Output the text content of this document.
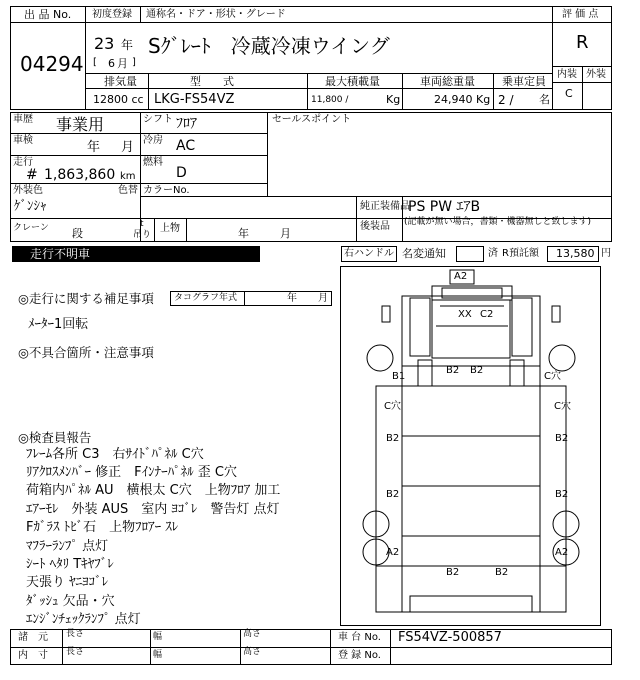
出 品 No.
04294
初度登録 通称名・ドア・形状・グレード
23 年
[ 6 月 ]
Sｸﾞﾚｰﾄ　冷蔵冷凍ウイング
評 価 点
R
内装 外装
C
排気量	型　　式	最大積載量	車両総重量 乗車定員
12800 cc LKG-FS54VZ	11,800 /	Kg	24,940 Kg 2 / 名
車歴 事業用	シフト ﾌﾛｱ
車検	年 月 冷房 AC
走行
# 1,863,860 km
燃料
D
外装色
ｹﾞﾝｼｬ
色替 カラーNo.
セールスポイント
純正装備品
PS PW ｴｱB
後装品 (記載が無い場合，書類・機器無しと致します)
クレーン 段
t
吊り
上物	年	月
走行不明車	右ハンドル 名変通知	済 R預託額 13,580 円
◎走行に関する補足事項 タコグラフ年式	年 月
ﾒｰﾀｰ1回転
◎不具合箇所・注意事項
◎検査員報告
ﾌﾚｰﾑ各所 C3　右ｻｲﾄﾞﾊﾟﾈﾙ C穴
ﾘｱｸﾛｽﾒﾝﾊﾞｰ 修正　Fｲﾝﾅｰﾊﾟﾈﾙ 歪 C穴
荷箱内ﾊﾟﾈﾙ AU　横根太 C穴　上物ﾌﾛｱ 加工
ｴｱｰﾓﾚ　外装 AUS　室内 ﾖｺﾞﾚ　警告灯 点灯
Fｶﾞﾗｽ ﾄﾋﾞ石　上物ﾌﾛｱｰ ｽﾚ
ﾏﾌﾗｰﾗﾝﾌﾟ 点灯
ｼｰﾄ ﾍﾀﾘ Tｷﾔﾌﾞﾚ
天張り ﾔﾆﾖｺﾞﾚ
ﾀﾞｯｼｭ 欠品・穴
ｴﾝｼﾞﾝﾁｪｯｸﾗﾝﾌﾟ 点灯
A2
XX C2
B1
B2 B2
C穴
C穴	C穴
B2	B2
B2	B2
A2	A2
B2	B2
諸　元
内　寸
長さ
長さ
幅
幅
高さ
高さ
車 台 No. FS54VZ-500857
登 録 No.
